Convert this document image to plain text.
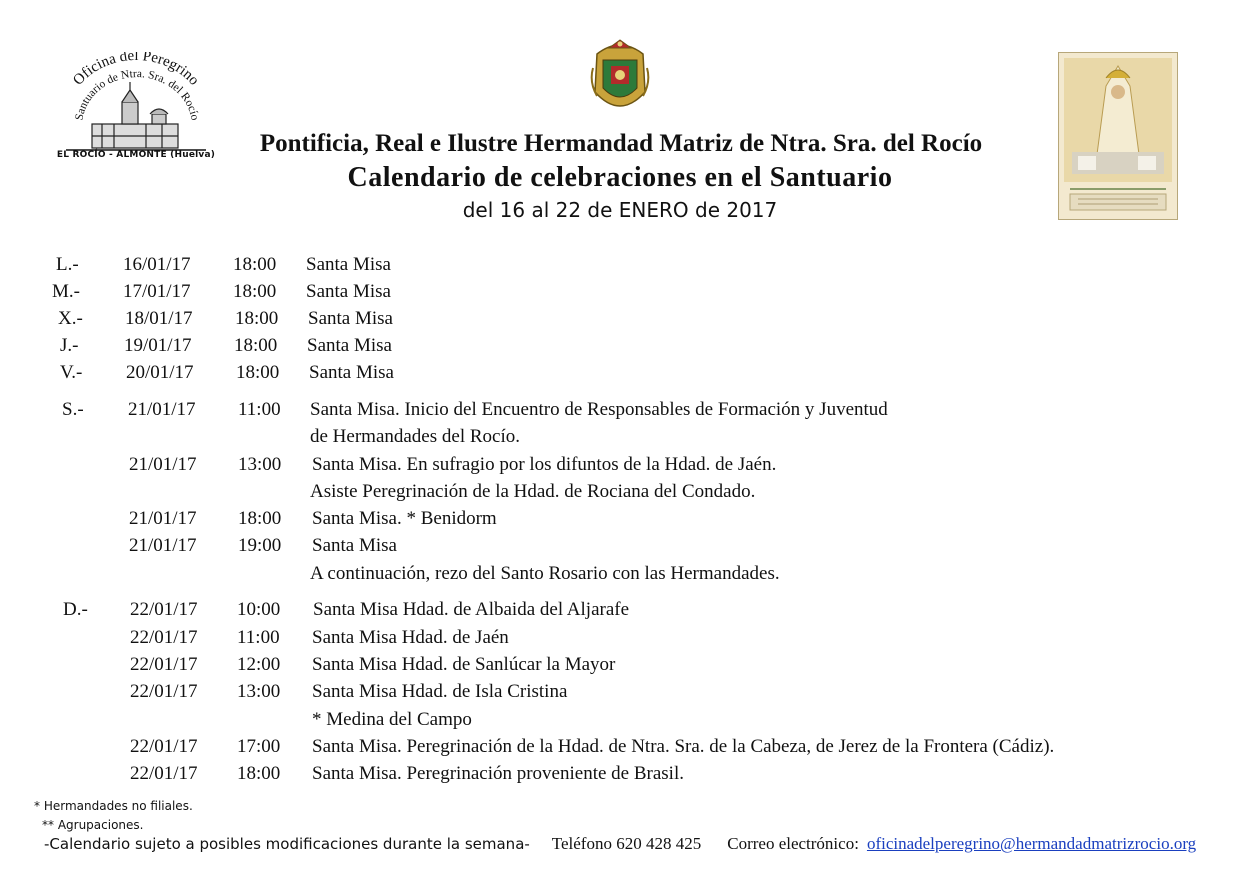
Oficina del Peregrino
Santuario de Ntra. Sra. del Rocío
EL ROCÍO - ALMONTE (Huelva)	Pontificia, Real e Ilustre Hermandad Matriz de Ntra. Sra. del Rocío
Calendario de celebraciones en el Santuario
del 16 al 22 de ENERO de 2017
L.-	16/01/17	18:00	Santa Misa
M.-	17/01/17	18:00	Santa Misa
X.-	18/01/17	18:00	Santa Misa
J.-	19/01/17	18:00	Santa Misa
V.-	20/01/17	18:00	Santa Misa
S.-	21/01/17	11:00	Santa Misa. Inicio del Encuentro de Responsables de Formación y Juventud
de Hermandades del Rocío.
21/01/17	13:00	Santa Misa. En sufragio por los difuntos de la Hdad. de Jaén.
Asiste Peregrinación de la Hdad. de Rociana del Condado.
21/01/17	18:00	Santa Misa. * Benidorm
21/01/17	19:00	Santa Misa
A continuación, rezo del Santo Rosario con las Hermandades.
D.-	22/01/17	10:00	Santa Misa Hdad. de Albaida del Aljarafe
22/01/17	11:00	Santa Misa Hdad. de Jaén
22/01/17	12:00	Santa Misa Hdad. de Sanlúcar la Mayor
22/01/17	13:00	Santa Misa Hdad. de Isla Cristina
* Medina del Campo
22/01/17	17:00	Santa Misa. Peregrinación de la Hdad. de Ntra. Sra. de la Cabeza, de Jerez de la Frontera (Cádiz).
22/01/17	18:00	Santa Misa. Peregrinación proveniente de Brasil.
* Hermandades no filiales.
** Agrupaciones.
-Calendario sujeto a posibles modificaciones durante la semana- Teléfono 620 428 425 Correo electrónico: oficinadelperegrino@hermandadmatrizrocio.org
